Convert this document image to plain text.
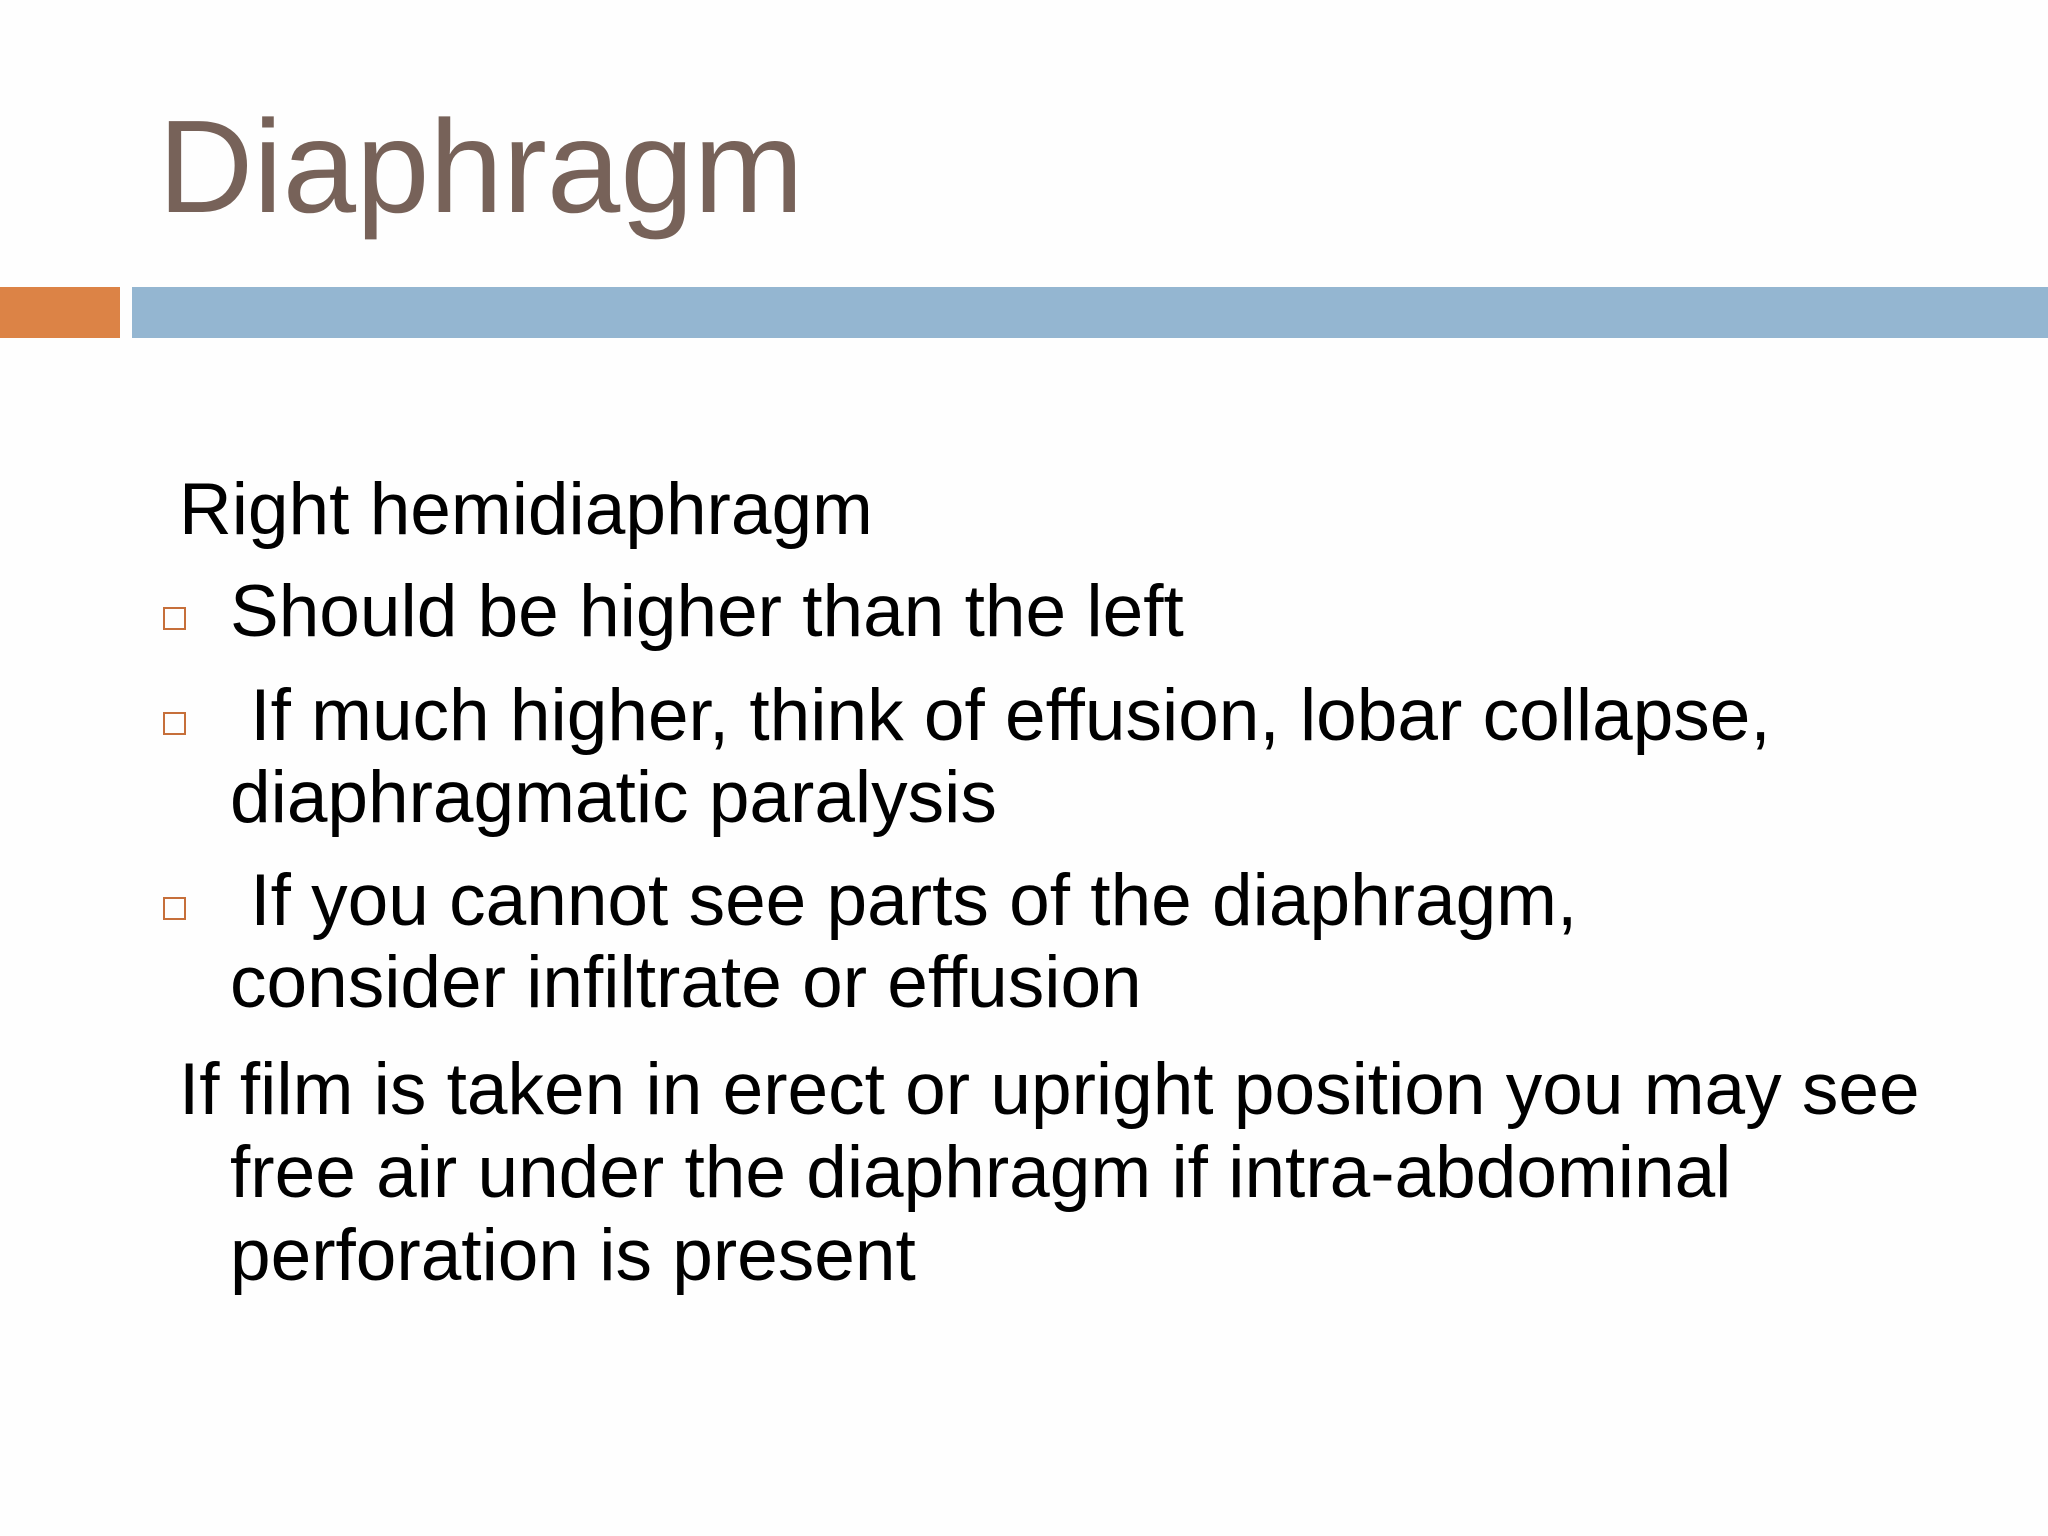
Diaphragm

Right hemidiaphragm

Should be higher than the left

If much higher, think of effusion, lobar collapse, diaphragmatic paralysis

If you cannot see parts of the diaphragm, consider infiltrate or effusion

If film is taken in erect or upright position you may see free air under the diaphragm if intra-abdominal perforation is present
